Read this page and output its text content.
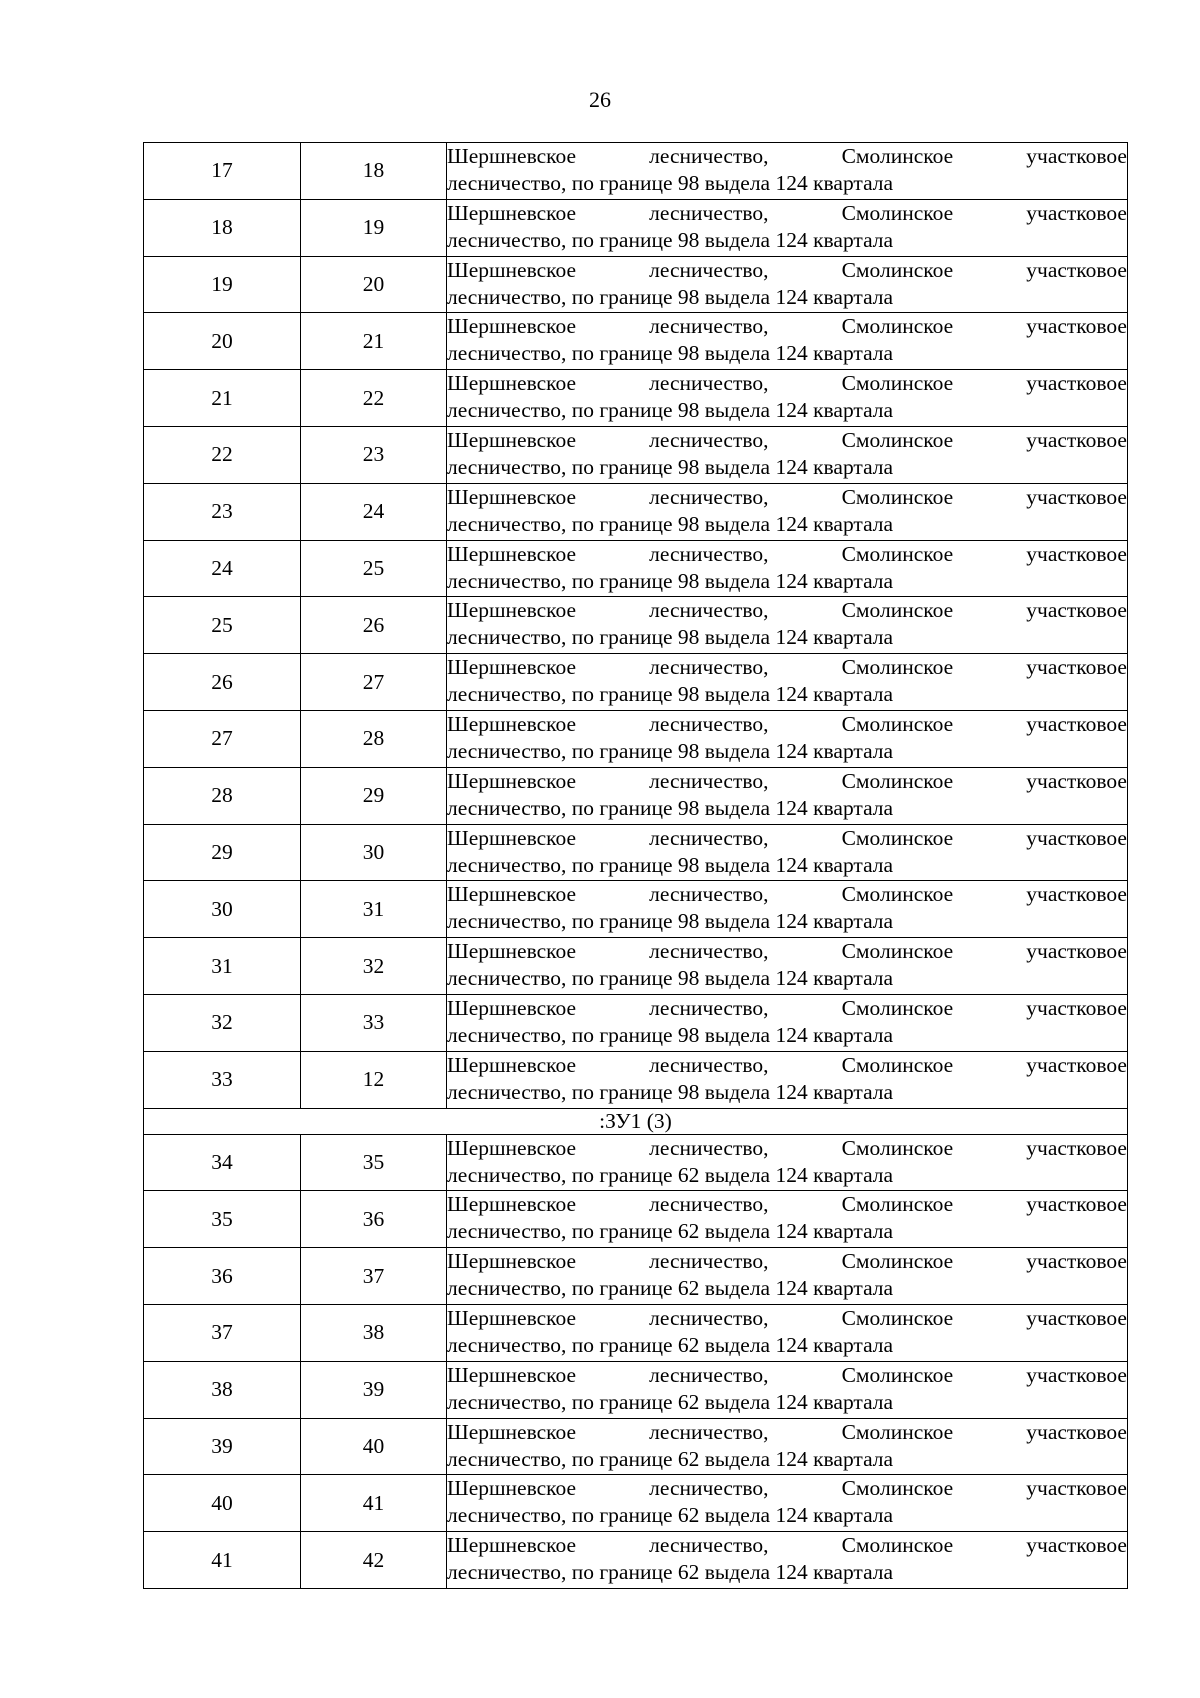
26
17	18	Шершневское лесничество, Смолинское участковое
лесничество, по границе 98 выдела 124 квартала

18	19	Шершневское лесничество, Смолинское участковое
лесничество, по границе 98 выдела 124 квартала

19	20	Шершневское лесничество, Смолинское участковое
лесничество, по границе 98 выдела 124 квартала

20	21	Шершневское лесничество, Смолинское участковое
лесничество, по границе 98 выдела 124 квартала

21	22	Шершневское лесничество, Смолинское участковое
лесничество, по границе 98 выдела 124 квартала

22	23	Шершневское лесничество, Смолинское участковое
лесничество, по границе 98 выдела 124 квартала

23	24	Шершневское лесничество, Смолинское участковое
лесничество, по границе 98 выдела 124 квартала

24	25	Шершневское лесничество, Смолинское участковое
лесничество, по границе 98 выдела 124 квартала

25	26	Шершневское лесничество, Смолинское участковое
лесничество, по границе 98 выдела 124 квартала

26	27	Шершневское лесничество, Смолинское участковое
лесничество, по границе 98 выдела 124 квартала

27	28	Шершневское лесничество, Смолинское участковое
лесничество, по границе 98 выдела 124 квартала

28	29	Шершневское лесничество, Смолинское участковое
лесничество, по границе 98 выдела 124 квартала

29	30	Шершневское лесничество, Смолинское участковое
лесничество, по границе 98 выдела 124 квартала

30	31	Шершневское лесничество, Смолинское участковое
лесничество, по границе 98 выдела 124 квартала

31	32	Шершневское лесничество, Смолинское участковое
лесничество, по границе 98 выдела 124 квартала

32	33	Шершневское лесничество, Смолинское участковое
лесничество, по границе 98 выдела 124 квартала

33	12	Шершневское лесничество, Смолинское участковое
лесничество, по границе 98 выдела 124 квартала

:ЗУ1 (3)		
34	35	Шершневское лесничество, Смолинское участковое
лесничество, по границе 62 выдела 124 квартала

35	36	Шершневское лесничество, Смолинское участковое
лесничество, по границе 62 выдела 124 квартала

36	37	Шершневское лесничество, Смолинское участковое
лесничество, по границе 62 выдела 124 квартала

37	38	Шершневское лесничество, Смолинское участковое
лесничество, по границе 62 выдела 124 квартала

38	39	Шершневское лесничество, Смолинское участковое
лесничество, по границе 62 выдела 124 квартала

39	40	Шершневское лесничество, Смолинское участковое
лесничество, по границе 62 выдела 124 квартала

40	41	Шершневское лесничество, Смолинское участковое
лесничество, по границе 62 выдела 124 квартала

41	42	Шершневское лесничество, Смолинское участковое
лесничество, по границе 62 выдела 124 квартала
